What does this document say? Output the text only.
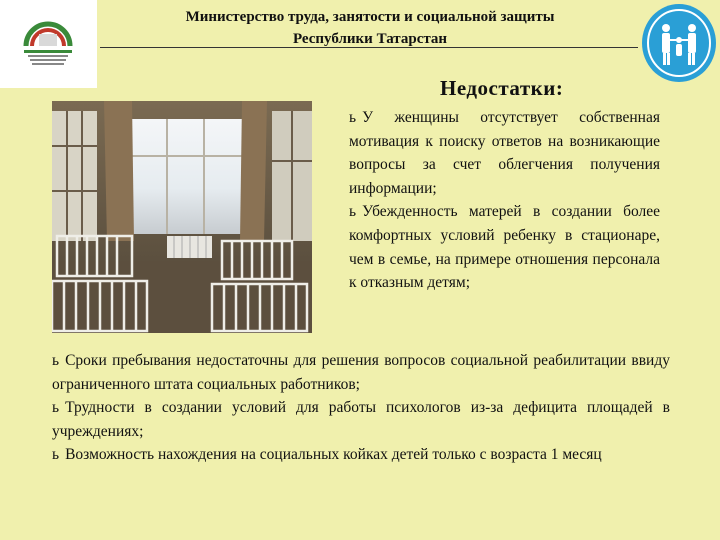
Министерство труда, занятости и социальной защиты
Республики Татарстан
Недостатки:

ь У женщины отсутствует собственная мотивация к поиску ответов на возникающие вопросы за счет облегчения получения информации;

ь Убежденность матерей в создании более комфортных условий ребенку в стационаре, чем в семье, на примере отношения персонала к отказным детям;

ь Сроки пребывания недостаточны для решения вопросов социальной реабилитации ввиду ограниченного штата социальных работников;

ь Трудности в создании условий для работы психологов из-за дефицита площадей в учреждениях;

ь Возможность нахождения на социальных койках детей только с возраста 1 месяц
